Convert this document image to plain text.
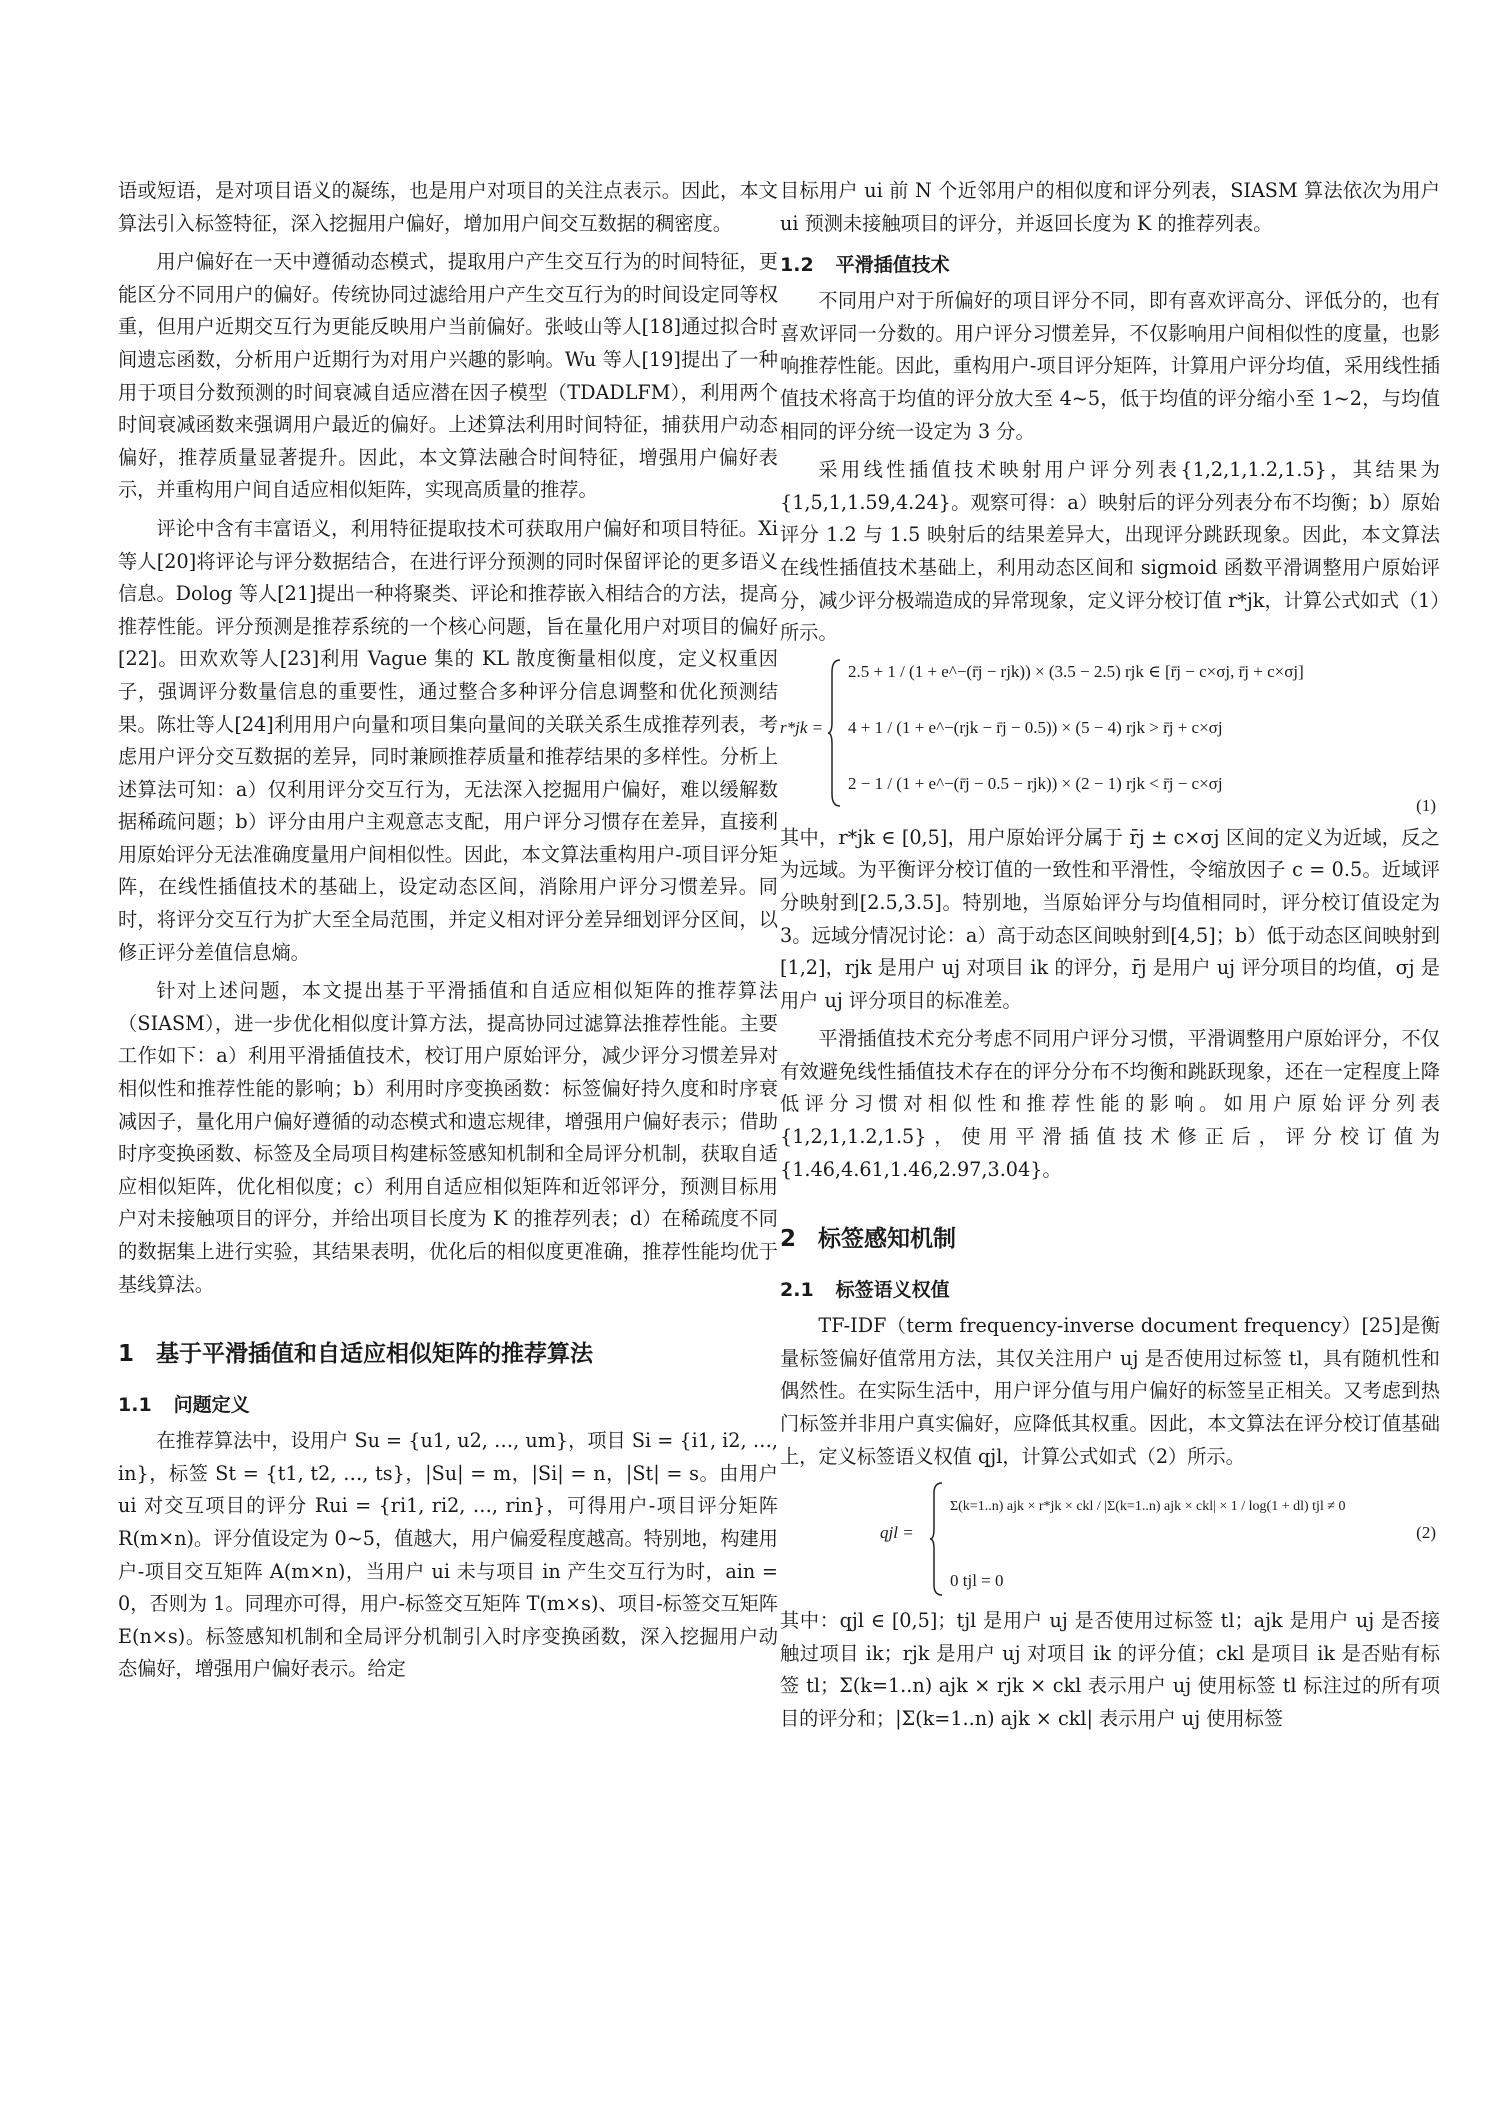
语或短语，是对项目语义的凝练，也是用户对项目的关注点表示。因此，本文算法引入标签特征，深入挖掘用户偏好，增加用户间交互数据的稠密度。

用户偏好在一天中遵循动态模式，提取用户产生交互行为的时间特征，更能区分不同用户的偏好。传统协同过滤给用户产生交互行为的时间设定同等权重，但用户近期交互行为更能反映用户当前偏好。张岐山等人[18]通过拟合时间遗忘函数，分析用户近期行为对用户兴趣的影响。Wu 等人[19]提出了一种用于项目分数预测的时间衰减自适应潜在因子模型（TDADLFM），利用两个时间衰减函数来强调用户最近的偏好。上述算法利用时间特征，捕获用户动态偏好，推荐质量显著提升。因此，本文算法融合时间特征，增强用户偏好表示，并重构用户间自适应相似矩阵，实现高质量的推荐。

评论中含有丰富语义，利用特征提取技术可获取用户偏好和项目特征。Xi 等人[20]将评论与评分数据结合，在进行评分预测的同时保留评论的更多语义信息。Dolog 等人[21]提出一种将聚类、评论和推荐嵌入相结合的方法，提高推荐性能。评分预测是推荐系统的一个核心问题，旨在量化用户对项目的偏好[22]。田欢欢等人[23]利用 Vague 集的 KL 散度衡量相似度，定义权重因子，强调评分数量信息的重要性，通过整合多种评分信息调整和优化预测结果。陈壮等人[24]利用用户向量和项目集向量间的关联关系生成推荐列表，考虑用户评分交互数据的差异，同时兼顾推荐质量和推荐结果的多样性。分析上述算法可知：a）仅利用评分交互行为，无法深入挖掘用户偏好，难以缓解数据稀疏问题；b）评分由用户主观意志支配，用户评分习惯存在差异，直接利用原始评分无法准确度量用户间相似性。因此，本文算法重构用户-项目评分矩阵，在线性插值技术的基础上，设定动态区间，消除用户评分习惯差异。同时，将评分交互行为扩大至全局范围，并定义相对评分差异细划评分区间，以修正评分差值信息熵。

针对上述问题，本文提出基于平滑插值和自适应相似矩阵的推荐算法（SIASM），进一步优化相似度计算方法，提高协同过滤算法推荐性能。主要工作如下：a）利用平滑插值技术，校订用户原始评分，减少评分习惯差异对相似性和推荐性能的影响；b）利用时序变换函数：标签偏好持久度和时序衰减因子，量化用户偏好遵循的动态模式和遗忘规律，增强用户偏好表示；借助时序变换函数、标签及全局项目构建标签感知机制和全局评分机制，获取自适应相似矩阵，优化相似度；c）利用自适应相似矩阵和近邻评分，预测目标用户对未接触项目的评分，并给出项目长度为 K 的推荐列表；d）在稀疏度不同的数据集上进行实验，其结果表明，优化后的相似度更准确，推荐性能均优于基线算法。

1 基于平滑插值和自适应相似矩阵的推荐算法
1.1 问题定义

在推荐算法中，设用户 Su = {u1, u2, …, um}，项目 Si = {i1, i2, …, in}，标签 St = {t1, t2, …, ts}，|Su| = m，|Si| = n，|St| = s。由用户 ui 对交互项目的评分 Rui = {ri1, ri2, …, rin}，可得用户-项目评分矩阵 R(m×n)。评分值设定为 0~5，值越大，用户偏爱程度越高。特别地，构建用户-项目交互矩阵 A(m×n)，当用户 ui 未与项目 in 产生交互行为时，ain = 0，否则为 1。同理亦可得，用户-标签交互矩阵 T(m×s)、项目-标签交互矩阵 E(n×s)。标签感知机制和全局评分机制引入时序变换函数，深入挖掘用户动态偏好，增强用户偏好表示。给定

目标用户 ui 前 N 个近邻用户的相似度和评分列表，SIASM 算法依次为用户 ui 预测未接触项目的评分，并返回长度为 K 的推荐列表。

1.2 平滑插值技术

不同用户对于所偏好的项目评分不同，即有喜欢评高分、评低分的，也有喜欢评同一分数的。用户评分习惯差异，不仅影响用户间相似性的度量，也影响推荐性能。因此，重构用户-项目评分矩阵，计算用户评分均值，采用线性插值技术将高于均值的评分放大至 4~5，低于均值的评分缩小至 1~2，与均值相同的评分统一设定为 3 分。

采用线性插值技术映射用户评分列表{1,2,1,1.2,1.5}，其结果为{1,5,1,1.59,4.24}。观察可得：a）映射后的评分列表分布不均衡；b）原始评分 1.2 与 1.5 映射后的结果差异大，出现评分跳跃现象。因此，本文算法在线性插值技术基础上，利用动态区间和 sigmoid 函数平滑调整用户原始评分，减少评分极端造成的异常现象，定义评分校订值 r*jk，计算公式如式（1）所示。

r*jk =
2.5 + 1 / (1 + e^−(r̄j − rjk)) × (3.5 − 2.5) rjk ∈ [r̄j − c×σj, r̄j + c×σj]
4 + 1 / (1 + e^−(rjk − r̄j − 0.5)) × (5 − 4) rjk > r̄j + c×σj
2 − 1 / (1 + e^−(r̄j − 0.5 − rjk)) × (2 − 1) rjk < r̄j − c×σj
(1)

其中，r*jk ∈ [0,5]，用户原始评分属于 r̄j ± c×σj 区间的定义为近域，反之为远域。为平衡评分校订值的一致性和平滑性，令缩放因子 c = 0.5。近域评分映射到[2.5,3.5]。特别地，当原始评分与均值相同时，评分校订值设定为 3。远域分情况讨论：a）高于动态区间映射到[4,5]；b）低于动态区间映射到[1,2]，rjk 是用户 uj 对项目 ik 的评分，r̄j 是用户 uj 评分项目的均值，σj 是用户 uj 评分项目的标准差。

平滑插值技术充分考虑不同用户评分习惯，平滑调整用户原始评分，不仅有效避免线性插值技术存在的评分分布不均衡和跳跃现象，还在一定程度上降低评分习惯对相似性和推荐性能的影响。如用户原始评分列表{1,2,1,1.2,1.5}，使用平滑插值技术修正后，评分校订值为{1.46,4.61,1.46,2.97,3.04}。

2 标签感知机制
2.1 标签语义权值

TF-IDF（term frequency-inverse document frequency）[25]是衡量标签偏好值常用方法，其仅关注用户 uj 是否使用过标签 tl，具有随机性和偶然性。在实际生活中，用户评分值与用户偏好的标签呈正相关。又考虑到热门标签并非用户真实偏好，应降低其权重。因此，本文算法在评分校订值基础上，定义标签语义权值 qjl，计算公式如式（2）所示。

qjl =
Σ(k=1..n) ajk × r*jk × ckl / |Σ(k=1..n) ajk × ckl| × 1 / log(1 + dl) tjl ≠ 0
0 tjl = 0
(2)

其中：qjl ∈ [0,5]；tjl 是用户 uj 是否使用过标签 tl；ajk 是用户 uj 是否接触过项目 ik；rjk 是用户 uj 对项目 ik 的评分值；ckl 是项目 ik 是否贴有标签 tl；Σ(k=1..n) ajk × rjk × ckl 表示用户 uj 使用标签 tl 标注过的所有项目的评分和；|Σ(k=1..n) ajk × ckl| 表示用户 uj 使用标签
